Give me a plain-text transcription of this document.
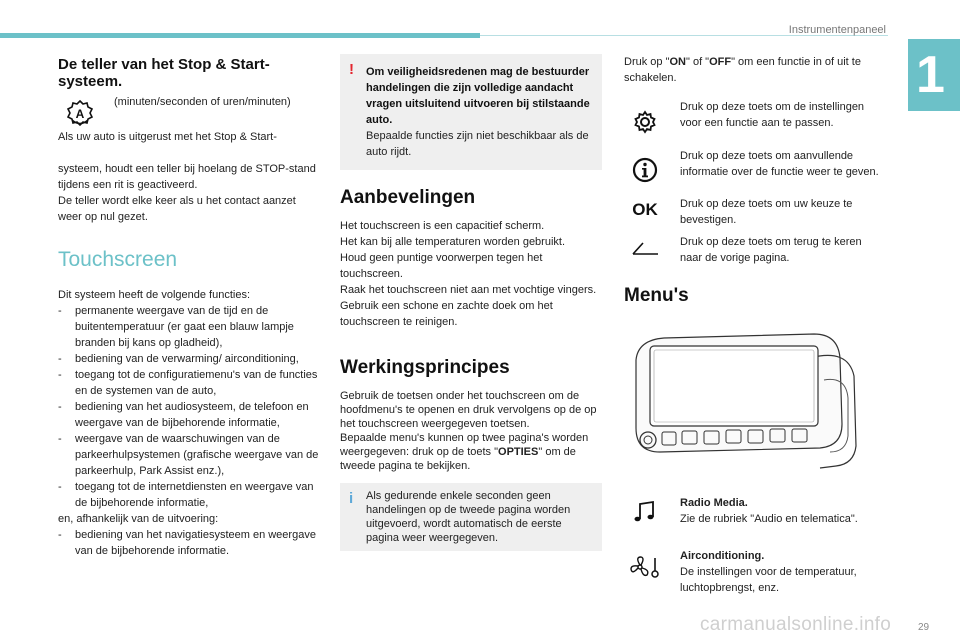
Instrumentenpaneel
1
De teller van het Stop & Start-systeem.
A
(minuten/seconden of uren/minuten)
Als uw auto is uitgerust met het Stop & Start-
systeem, houdt een teller bij hoelang de STOP-stand tijdens een rit is geactiveerd.
De teller wordt elke keer als u het contact aanzet weer op nul gezet.
Touchscreen
Dit systeem heeft de volgende functies:
- permanente weergave van de tijd en de buitentemperatuur (er gaat een blauw lampje branden bij kans op gladheid),
- bediening van de verwarming/ airconditioning,
- toegang tot de configuratiemenu's van de functies en de systemen van de auto,
- bediening van het audiosysteem, de telefoon en weergave van de bijbehorende informatie,
- weergave van de waarschuwingen van de parkeerhulpsystemen (grafische weergave van de parkeerhulp, Park Assist enz.),
- toegang tot de internetdiensten en weergave van de bijbehorende informatie,
en, afhankelijk van de uitvoering:
- bediening van het navigatiesysteem en weergave van de bijbehorende informatie.
! Om veiligheidsredenen mag de bestuurder handelingen die zijn volledige aandacht vragen uitsluitend uitvoeren bij stilstaande auto.
Bepaalde functies zijn niet beschikbaar als de auto rijdt.
Aanbevelingen
Het touchscreen is een capacitief scherm.
Het kan bij alle temperaturen worden gebruikt.
Houd geen puntige voorwerpen tegen het touchscreen.
Raak het touchscreen niet aan met vochtige vingers.
Gebruik een schone en zachte doek om het touchscreen te reinigen.
Werkingsprincipes
Gebruik de toetsen onder het touchscreen om de hoofdmenu's te openen en druk vervolgens op de op het touchscreen weergegeven toetsen.
Bepaalde menu's kunnen op twee pagina's worden weergegeven: druk op de toets "OPTIES" om de tweede pagina te bekijken.
i Als gedurende enkele seconden geen handelingen op de tweede pagina worden uitgevoerd, wordt automatisch de eerste pagina weer weergegeven.
Druk op "ON" of "OFF" om een functie in of uit te schakelen.
Druk op deze toets om de instellingen voor een functie aan te passen.
Druk op deze toets om aanvullende informatie over de functie weer te geven.
OK Druk op deze toets om uw keuze te bevestigen.
Druk op deze toets om terug te keren naar de vorige pagina.
Menu's
Radio Media.
Zie de rubriek "Audio en telematica".
Airconditioning.
De instellingen voor de temperatuur, luchtopbrengst, enz.
carmanualsonline.info	29
